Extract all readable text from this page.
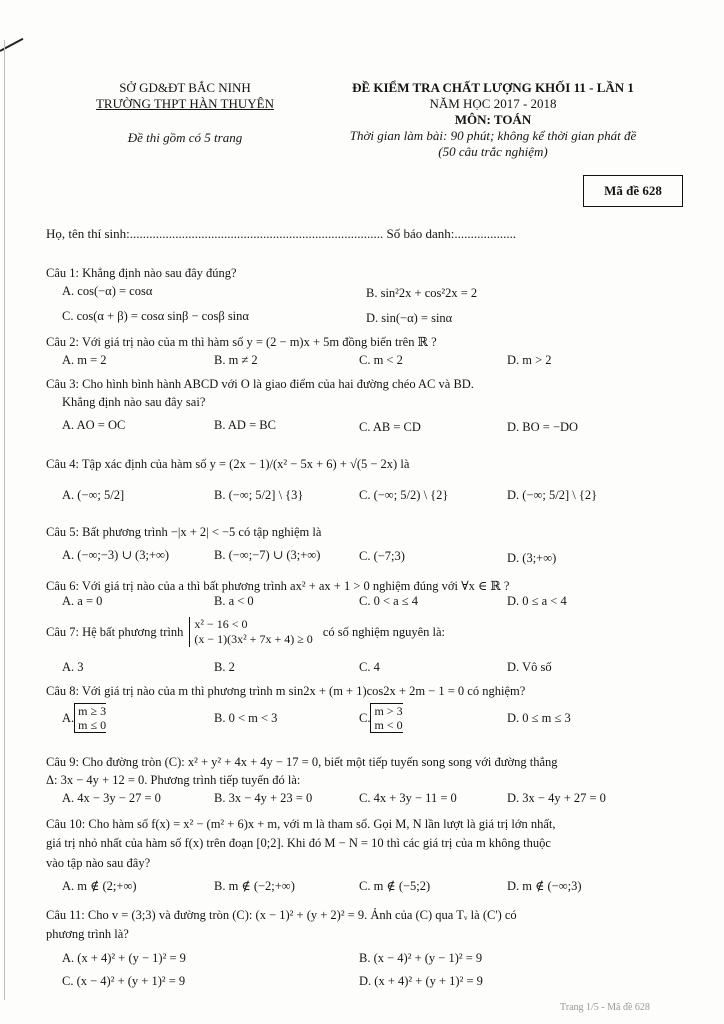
SỞ GD&ĐT BẮC NINH
TRƯỜNG THPT HÀN THUYÊN
Đề thi gồm có 5 trang
ĐỀ KIỂM TRA CHẤT LƯỢNG KHỐI 11 - LẦN 1
NĂM HỌC 2017 - 2018
MÔN: TOÁN
Thời gian làm bài: 90 phút; không kể thời gian phát đề
(50 câu trắc nghiệm)
Mã đề 628
Họ, tên thí sinh:.............................................................................. Số báo danh:...................
Câu 1: Khẳng định nào sau đây đúng?
A. cos(−α) = cosα	B. sin²2x + cos²2x = 2
C. cos(α + β) = cosα sinβ − cosβ sinα	D. sin(−α) = sinα
Câu 2: Với giá trị nào của m thì hàm số y = (2 − m)x + 5m đồng biến trên ℝ ?
A. m = 2	B. m ≠ 2	C. m < 2	D. m > 2
Câu 3: Cho hình bình hành ABCD với O là giao điểm của hai đường chéo AC và BD.
Khẳng định nào sau đây sai?
A. AO = OC	B. AD = BC	C. AB = CD	D. BO = −DO
Câu 4: Tập xác định của hàm số y = (2x − 1)/(x² − 5x + 6) + √(5 − 2x) là
A. (−∞; 5/2]	B. (−∞; 5/2] \ {3}	C. (−∞; 5/2) \ {2}	D. (−∞; 5/2] \ {2}
Câu 5: Bất phương trình −|x + 2| < −5 có tập nghiệm là
A. (−∞;−3) ∪ (3;+∞)	B. (−∞;−7) ∪ (3;+∞)	C. (−7;3)	D. (3;+∞)
Câu 6: Với giá trị nào của a thì bất phương trình ax² + ax + 1 > 0 nghiệm đúng với ∀x ∈ ℝ ?
A. a = 0	B. a < 0	C. 0 < a ≤ 4	D. 0 ≤ a < 4
Câu 7: Hệ bất phương trình
x² − 16 < 0
(x − 1)(3x² + 7x + 4) ≥ 0 có số nghiệm nguyên là:
A. 3	B. 2	C. 4	D. Vô số
Câu 8: Với giá trị nào của m thì phương trình m sin2x + (m + 1)cos2x + 2m − 1 = 0 có nghiệm?
A. m ≥ 3
m ≤ 0	B. 0 < m < 3	C. m > 3
m < 0	D. 0 ≤ m ≤ 3
Câu 9: Cho đường tròn (C): x² + y² + 4x + 4y − 17 = 0, biết một tiếp tuyến song song với đường thẳng
Δ: 3x − 4y + 12 = 0. Phương trình tiếp tuyến đó là:
A. 4x − 3y − 27 = 0	B. 3x − 4y + 23 = 0	C. 4x + 3y − 11 = 0	D. 3x − 4y + 27 = 0
Câu 10: Cho hàm số f(x) = x² − (m² + 6)x + m, với m là tham số. Gọi M, N lần lượt là giá trị lớn nhất,
giá trị nhỏ nhất của hàm số f(x) trên đoạn [0;2]. Khi đó M − N = 10 thì các giá trị của m không thuộc
vào tập nào sau đây?
A. m ∉ (2;+∞)	B. m ∉ (−2;+∞)	C. m ∉ (−5;2)	D. m ∉ (−∞;3)
Câu 11: Cho v = (3;3) và đường tròn (C): (x − 1)² + (y + 2)² = 9. Ảnh của (C) qua Tᵥ là (C') có
phương trình là?
A. (x + 4)² + (y − 1)² = 9	B. (x − 4)² + (y − 1)² = 9
C. (x − 4)² + (y + 1)² = 9	D. (x + 4)² + (y + 1)² = 9
Trang 1/5 - Mã đề 628
